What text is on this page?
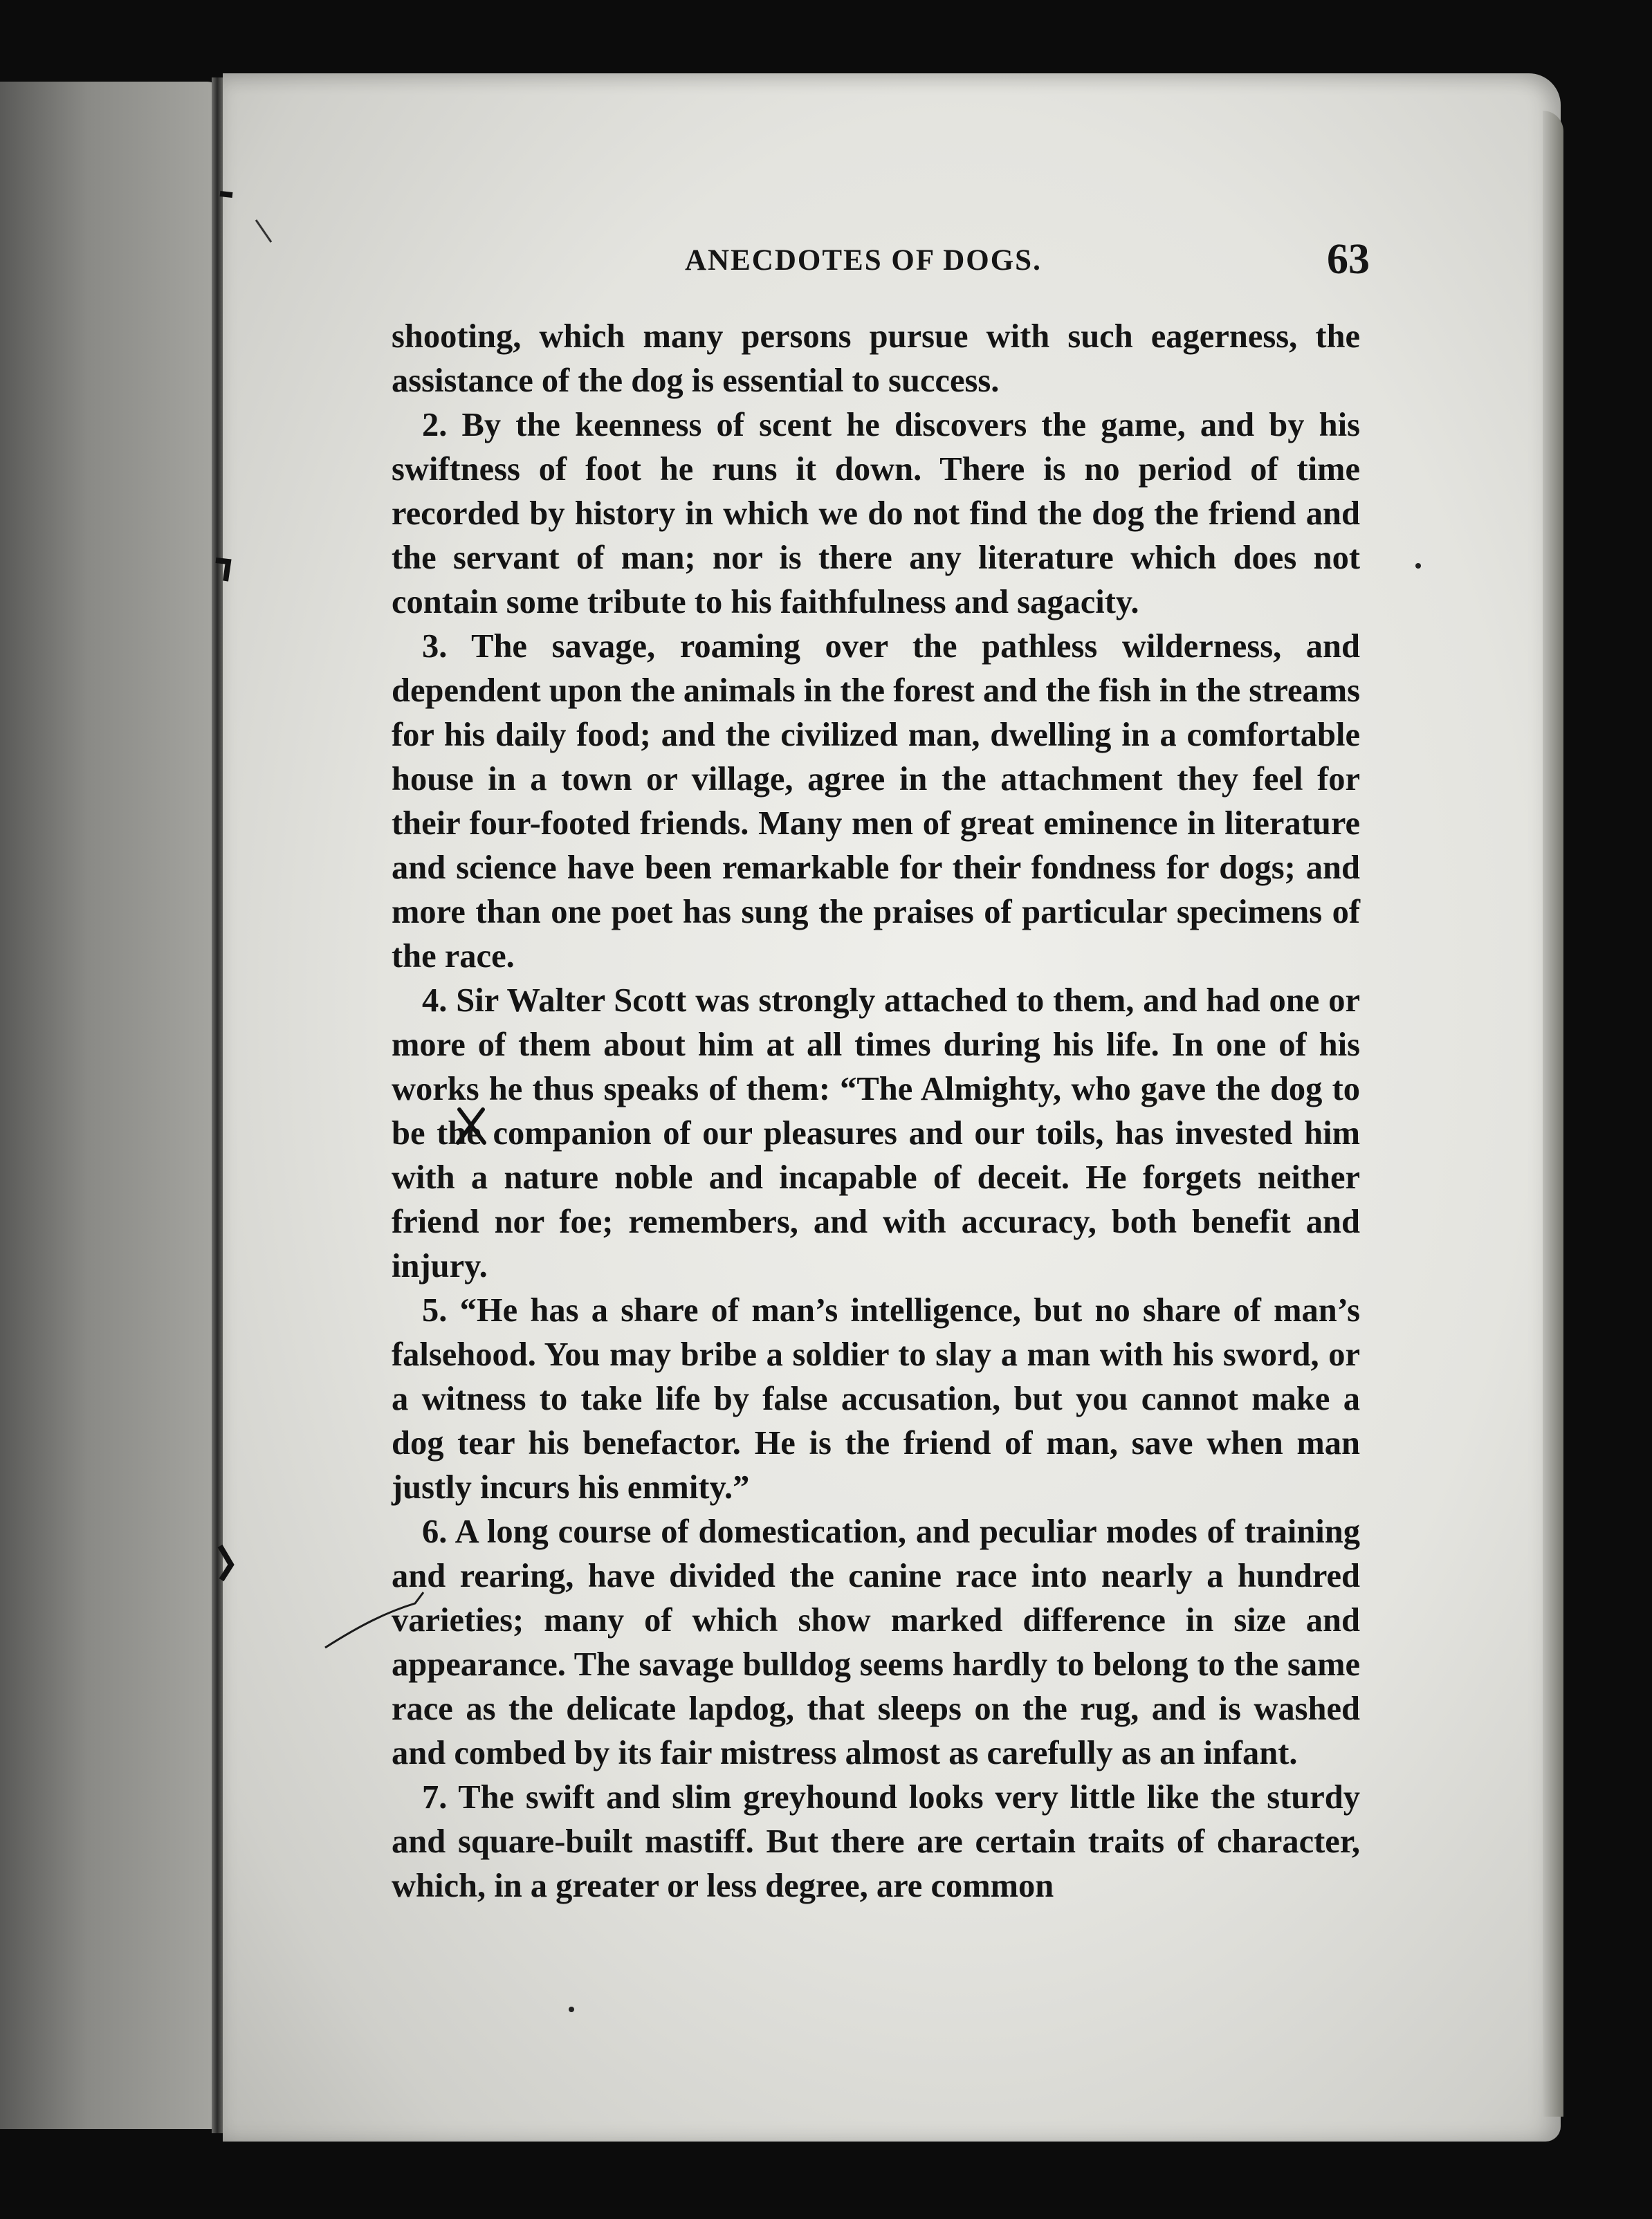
ANECDOTES OF DOGS.	63

shooting, which many persons pursue with such eagerness, the assistance of the dog is essential to success.

2. By the keenness of scent he discovers the game, and by his swiftness of foot he runs it down. There is no period of time recorded by history in which we do not find the dog the friend and the servant of man; nor is there any literature which does not contain some tribute to his faithfulness and sagacity.

3. The savage, roaming over the pathless wilderness, and dependent upon the animals in the forest and the fish in the streams for his daily food; and the civilized man, dwelling in a comfortable house in a town or village, agree in the attachment they feel for their four-footed friends. Many men of great eminence in literature and science have been remarkable for their fondness for dogs; and more than one poet has sung the praises of particular specimens of the race.

4. Sir Walter Scott was strongly attached to them, and had one or more of them about him at all times during his life. In one of his works he thus speaks of them: “The Almighty, who gave the dog to be the companion of our pleasures and our toils, has invested him with a nature noble and incapable of deceit. He forgets neither friend nor foe; remembers, and with accuracy, both benefit and injury.

5. “He has a share of man’s intelligence, but no share of man’s falsehood. You may bribe a soldier to slay a man with his sword, or a witness to take life by false accusation, but you cannot make a dog tear his benefactor. He is the friend of man, save when man justly incurs his enmity.”

6. A long course of domestication, and peculiar modes of training and rearing, have divided the canine race into nearly a hundred varieties; many of which show marked difference in size and appearance. The savage bulldog seems hardly to belong to the same race as the delicate lapdog, that sleeps on the rug, and is washed and combed by its fair mistress almost as carefully as an infant.

7. The swift and slim greyhound looks very little like the sturdy and square-built mastiff. But there are certain traits of character, which, in a greater or less degree, are common
